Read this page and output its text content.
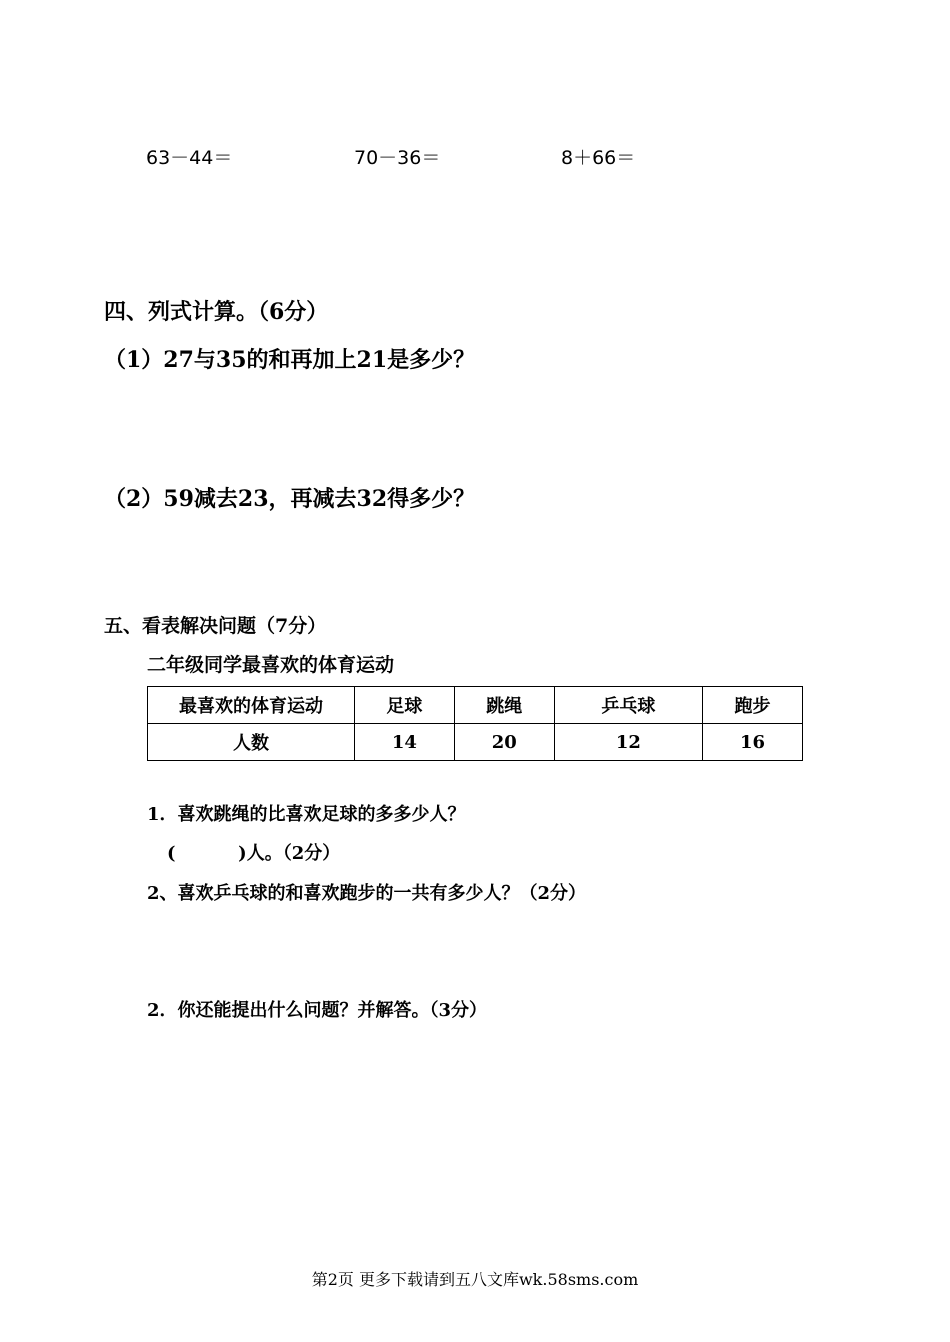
63－44＝	70－36＝	8＋66＝
四、列式计算。（6分）
（1）27与35的和再加上21是多少？
（2）59减去23，再减去32得多少？
五、看表解决问题（7分）
二年级同学最喜欢的体育运动
最喜欢的体育运动	足球	跳绳	乒乓球	跑步
人数	14	20	12	16
1．喜欢跳绳的比喜欢足球的多多少人？
(          )人。（2分）
2、喜欢乒乓球的和喜欢跑步的一共有多少人？（2分）
2．你还能提出什么问题？并解答。（3分）
第2页 更多下载请到五八文库wk.58sms.com
